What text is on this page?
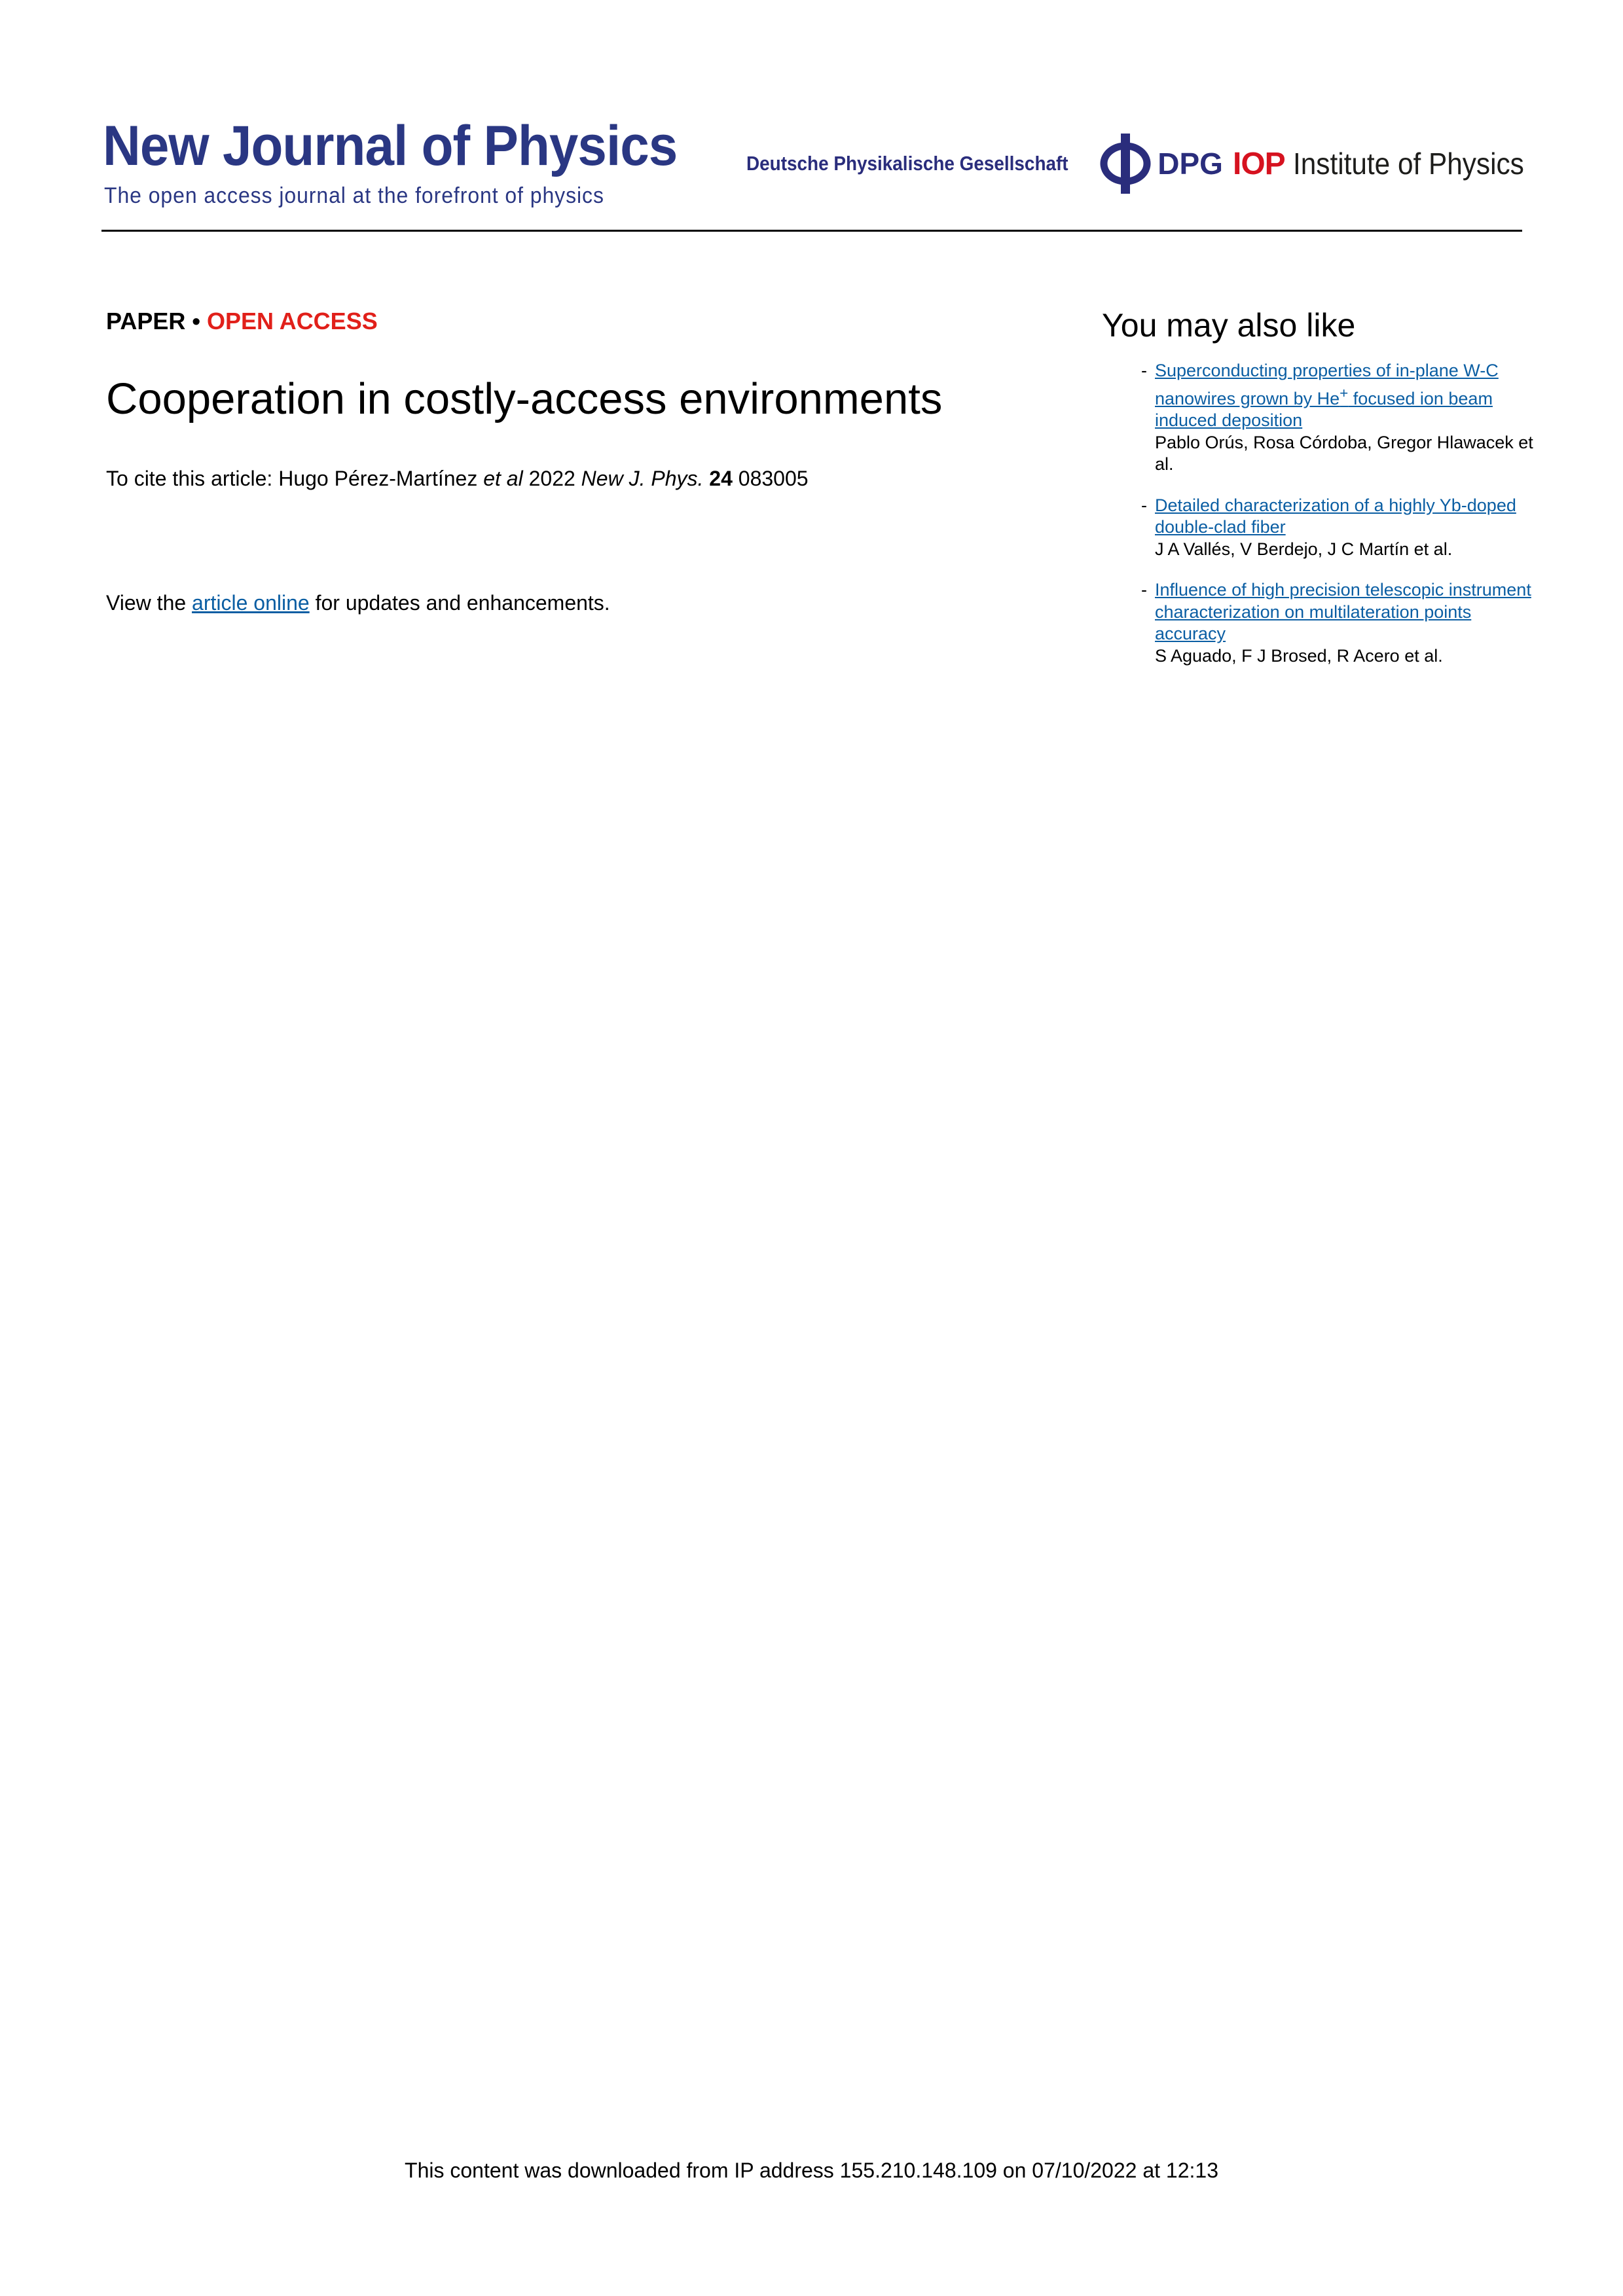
New Journal of Physics
The open access journal at the forefront of physics
Deutsche Physikalische Gesellschaft	DPG IOP Institute of Physics
PAPER • OPEN ACCESS
Cooperation in costly-access environments
To cite this article: Hugo Pérez-Martínez et al 2022 New J. Phys. 24 083005
View the article online for updates and enhancements.
You may also like
- Superconducting properties of in-plane W-C nanowires grown by He+ focused ion beam induced deposition
Pablo Orús, Rosa Córdoba, Gregor Hlawacek et al.
- Detailed characterization of a highly Yb-doped double-clad fiber
J A Vallés, V Berdejo, J C Martín et al.
- Influence of high precision telescopic instrument characterization on multilateration points accuracy
S Aguado, F J Brosed, R Acero et al.
This content was downloaded from IP address 155.210.148.109 on 07/10/2022 at 12:13
